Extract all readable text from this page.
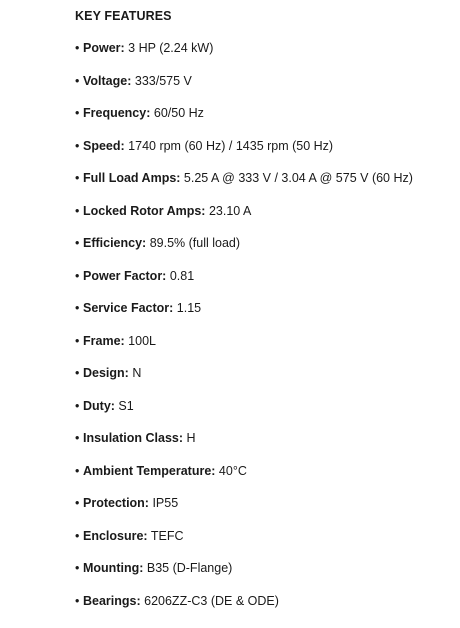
KEY FEATURES
• Power: 3 HP (2.24 kW)
• Voltage: 333/575 V
• Frequency: 60/50 Hz
• Speed: 1740 rpm (60 Hz) / 1435 rpm (50 Hz)
• Full Load Amps: 5.25 A @ 333 V / 3.04 A @ 575 V (60 Hz)
• Locked Rotor Amps: 23.10 A
• Efficiency: 89.5% (full load)
• Power Factor: 0.81
• Service Factor: 1.15
• Frame: 100L
• Design: N
• Duty: S1
• Insulation Class: H
• Ambient Temperature: 40°C
• Protection: IP55
• Enclosure: TEFC
• Mounting: B35 (D-Flange)
• Bearings: 6206ZZ-C3 (DE & ODE)
